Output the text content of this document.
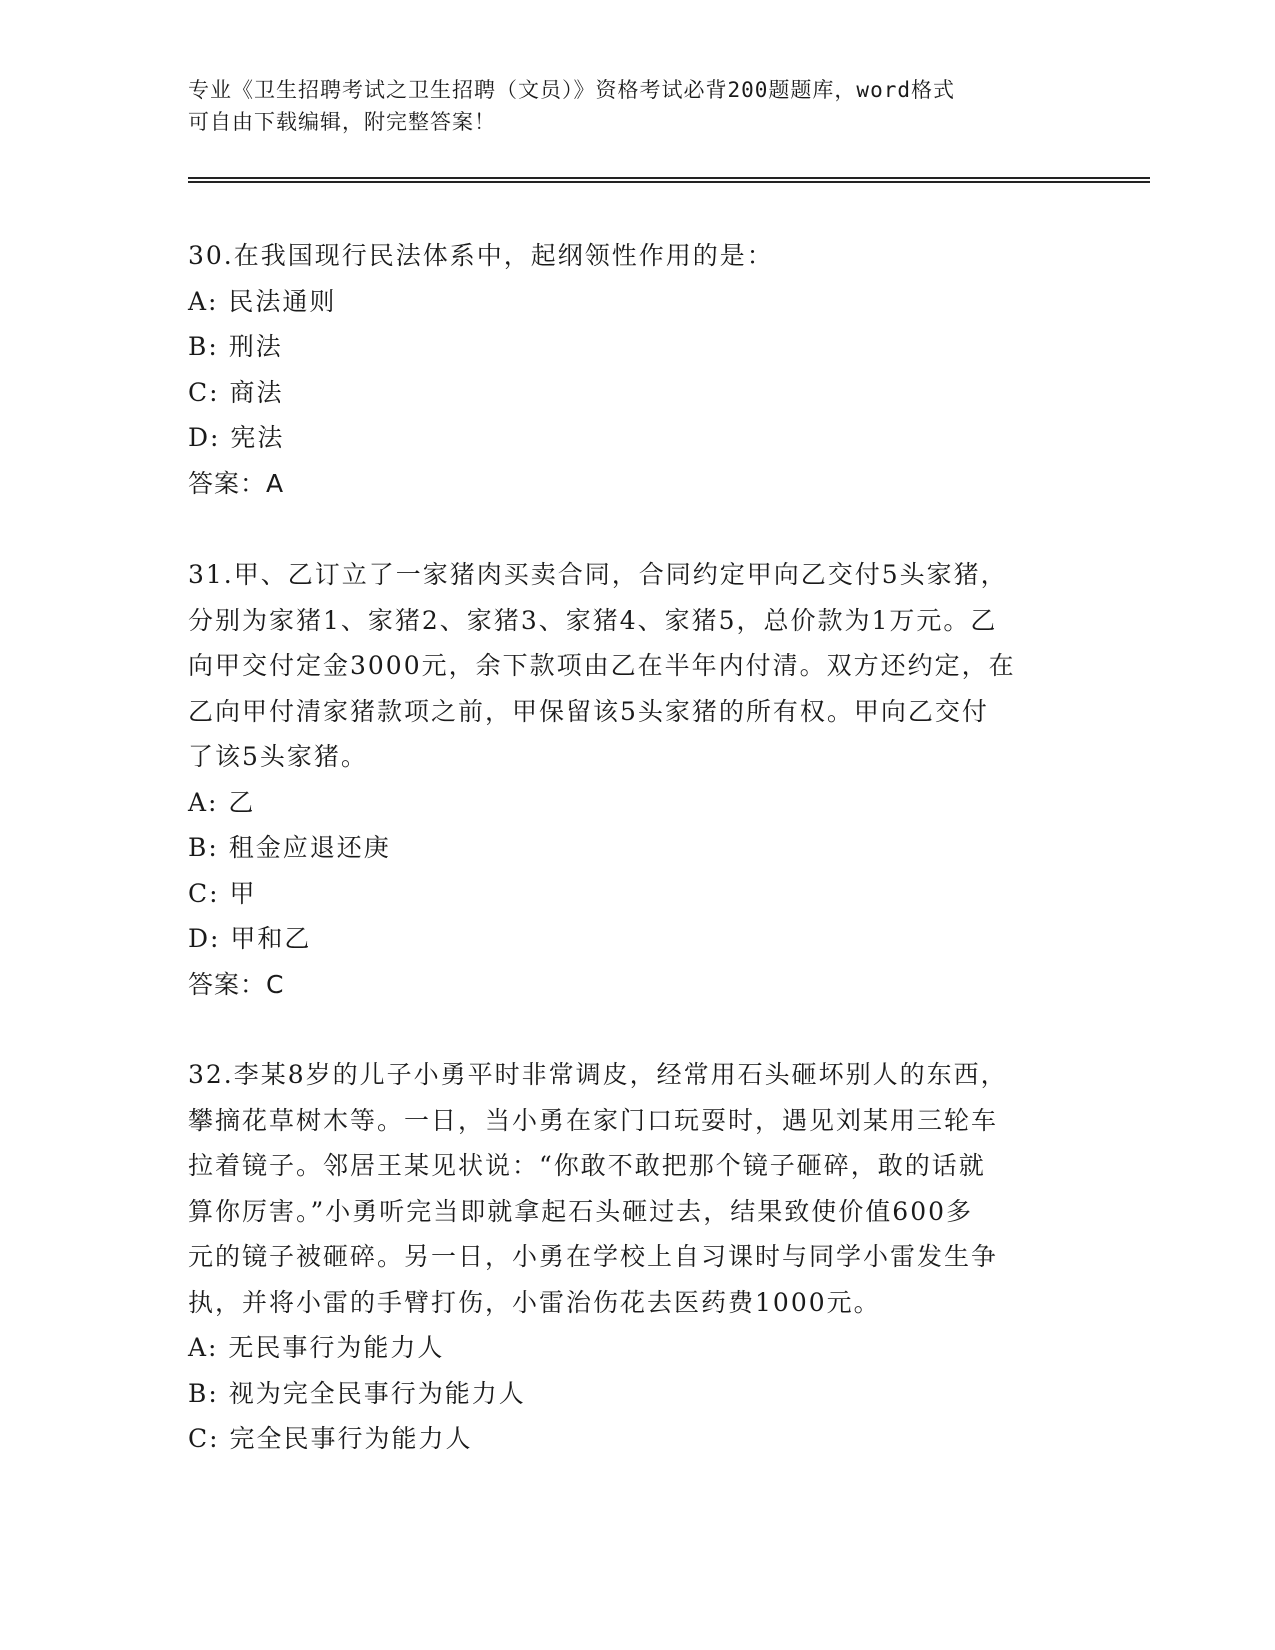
专业《卫生招聘考试之卫生招聘（文员）》资格考试必背200题题库，word格式
可自由下载编辑，附完整答案！

30.在我国现行民法体系中，起纲领性作用的是：

A: 民法通则

B: 刑法

C: 商法

D: 宪法

答案：A

31.甲、乙订立了一家猪肉买卖合同，合同约定甲向乙交付5头家猪，

分别为家猪1、家猪2、家猪3、家猪4、家猪5，总价款为1万元。乙

向甲交付定金3000元，余下款项由乙在半年内付清。双方还约定，在

乙向甲付清家猪款项之前，甲保留该5头家猪的所有权。甲向乙交付

了该5头家猪。

A: 乙

B: 租金应退还庚

C: 甲

D: 甲和乙

答案：C

32.李某8岁的儿子小勇平时非常调皮，经常用石头砸坏别人的东西，

攀摘花草树木等。一日，当小勇在家门口玩耍时，遇见刘某用三轮车

拉着镜子。邻居王某见状说：“你敢不敢把那个镜子砸碎，敢的话就

算你厉害。”小勇听完当即就拿起石头砸过去，结果致使价值600多

元的镜子被砸碎。另一日，小勇在学校上自习课时与同学小雷发生争

执，并将小雷的手臂打伤，小雷治伤花去医药费1000元。

A: 无民事行为能力人

B: 视为完全民事行为能力人

C: 完全民事行为能力人
